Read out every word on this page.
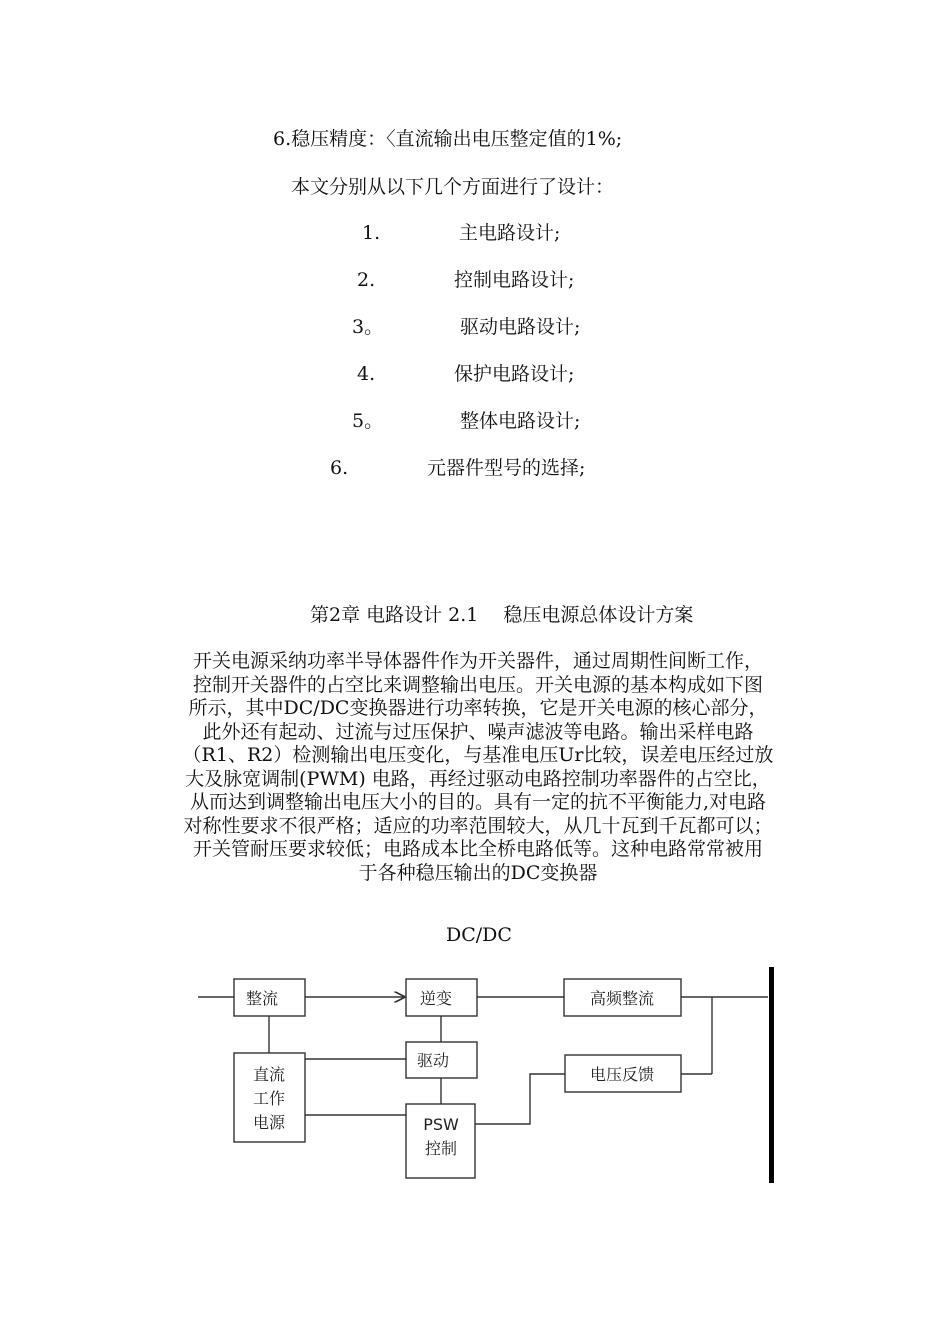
6.稳压精度：〈直流输出电压整定值的1%;
本文分别从以下几个方面进行了设计：
1.	主电路设计;
2.	控制电路设计;
3。	驱动电路设计;
4.	保护电路设计;
5。	整体电路设计;
6.	元器件型号的选择;
第2章 电路设计 2.1　 稳压电源总体设计方案
开关电源采纳功率半导体器件作为开关器件，通过周期性间断工作，
控制开关器件的占空比来调整输出电压。开关电源的基本构成如下图
所示，其中DC/DC变换器进行功率转换，它是开关电源的核心部分，
此外还有起动、过流与过压保护、噪声滤波等电路。输出采样电路
（R1、R2）检测输出电压变化，与基准电压Ur比较，误差电压经过放
大及脉宽调制(PWM) 电路，再经过驱动电路控制功率器件的占空比，
从而达到调整输出电压大小的目的。具有一定的抗不平衡能力,对电路
对称性要求不很严格；适应的功率范围较大，从几十瓦到千瓦都可以；
开关管耐压要求较低；电路成本比全桥电路低等。这种电路常常被用
于各种稳压输出的DC变换器
DC/DC
整流	逆变	高频整流
驱动
直流
工作
电源
电压反馈
PSW
控制
